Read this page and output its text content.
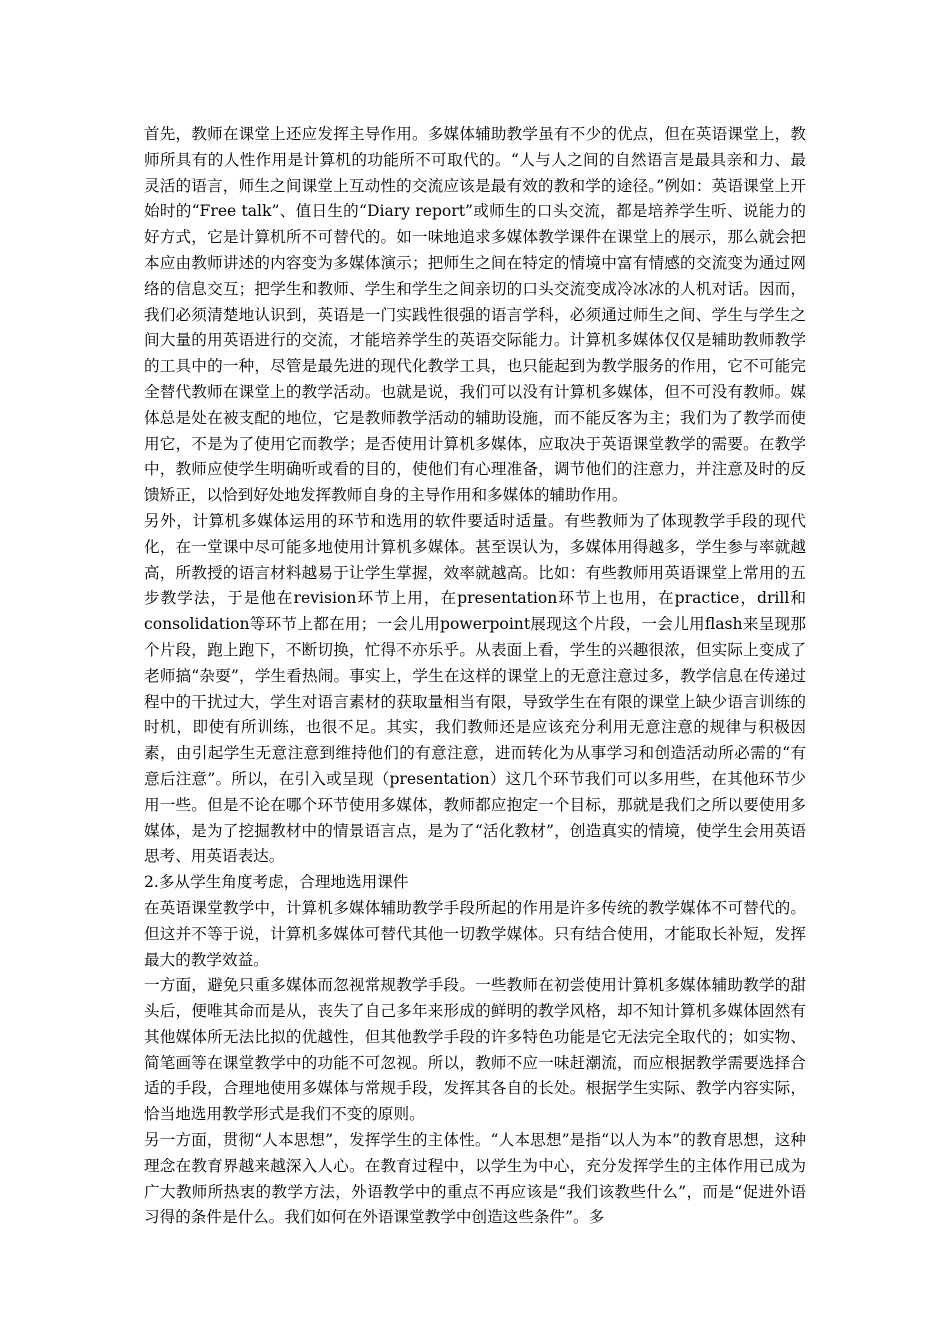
首先，教师在课堂上还应发挥主导作用。多媒体辅助教学虽有不少的优点，但在英语课堂上，教师所具有的人性作用是计算机的功能所不可取代的。“人与人之间的自然语言是最具亲和力、最灵活的语言，师生之间课堂上互动性的交流应该是最有效的教和学的途径。”例如：英语课堂上开始时的“Free talk”、值日生的“Diary report”或师生的口头交流，都是培养学生听、说能力的好方式，它是计算机所不可替代的。如一味地追求多媒体教学课件在课堂上的展示，那么就会把本应由教师讲述的内容变为多媒体演示；把师生之间在特定的情境中富有情感的交流变为通过网络的信息交互；把学生和教师、学生和学生之间亲切的口头交流变成冷冰冰的人机对话。因而，我们必须清楚地认识到，英语是一门实践性很强的语言学科，必须通过师生之间、学生与学生之间大量的用英语进行的交流，才能培养学生的英语交际能力。计算机多媒体仅仅是辅助教师教学的工具中的一种，尽管是最先进的现代化教学工具，也只能起到为教学服务的作用，它不可能完全替代教师在课堂上的教学活动。也就是说，我们可以没有计算机多媒体，但不可没有教师。媒体总是处在被支配的地位，它是教师教学活动的辅助设施，而不能反客为主；我们为了教学而使用它，不是为了使用它而教学；是否使用计算机多媒体，应取决于英语课堂教学的需要。在教学中，教师应使学生明确听或看的目的，使他们有心理准备，调节他们的注意力，并注意及时的反馈矫正，以恰到好处地发挥教师自身的主导作用和多媒体的辅助作用。

另外，计算机多媒体运用的环节和选用的软件要适时适量。有些教师为了体现教学手段的现代化，在一堂课中尽可能多地使用计算机多媒体。甚至误认为，多媒体用得越多，学生参与率就越高，所教授的语言材料越易于让学生掌握，效率就越高。比如：有些教师用英语课堂上常用的五步教学法，于是他在revision环节上用，在presentation环节上也用，在practice，drill和consolidation等环节上都在用；一会儿用powerpoint展现这个片段，一会儿用flash来呈现那个片段，跑上跑下，不断切换，忙得不亦乐乎。从表面上看，学生的兴趣很浓，但实际上变成了老师搞“杂耍”，学生看热闹。事实上，学生在这样的课堂上的无意注意过多，教学信息在传递过程中的干扰过大，学生对语言素材的获取量相当有限，导致学生在有限的课堂上缺少语言训练的时机，即使有所训练，也很不足。其实，我们教师还是应该充分利用无意注意的规律与积极因素，由引起学生无意注意到维持他们的有意注意，进而转化为从事学习和创造活动所必需的“有意后注意”。所以，在引入或呈现（presentation）这几个环节我们可以多用些，在其他环节少用一些。但是不论在哪个环节使用多媒体，教师都应抱定一个目标，那就是我们之所以要使用多媒体，是为了挖掘教材中的情景语言点，是为了“活化教材”，创造真实的情境，使学生会用英语思考、用英语表达。

2.多从学生角度考虑，合理地选用课件

在英语课堂教学中，计算机多媒体辅助教学手段所起的作用是许多传统的教学媒体不可替代的。但这并不等于说，计算机多媒体可替代其他一切教学媒体。只有结合使用，才能取长补短，发挥最大的教学效益。

一方面，避免只重多媒体而忽视常规教学手段。一些教师在初尝使用计算机多媒体辅助教学的甜头后，便唯其命而是从，丧失了自己多年来形成的鲜明的教学风格，却不知计算机多媒体固然有其他媒体所无法比拟的优越性，但其他教学手段的许多特色功能是它无法完全取代的；如实物、简笔画等在课堂教学中的功能不可忽视。所以，教师不应一味赶潮流，而应根据教学需要选择合适的手段，合理地使用多媒体与常规手段，发挥其各自的长处。根据学生实际、教学内容实际，恰当地选用教学形式是我们不变的原则。

另一方面，贯彻“人本思想”，发挥学生的主体性。“人本思想”是指“以人为本”的教育思想，这种理念在教育界越来越深入人心。在教育过程中，以学生为中心，充分发挥学生的主体作用已成为广大教师所热衷的教学方法，外语教学中的重点不再应该是“我们该教些什么”，而是“促进外语习得的条件是什么。我们如何在外语课堂教学中创造这些条件”。多
